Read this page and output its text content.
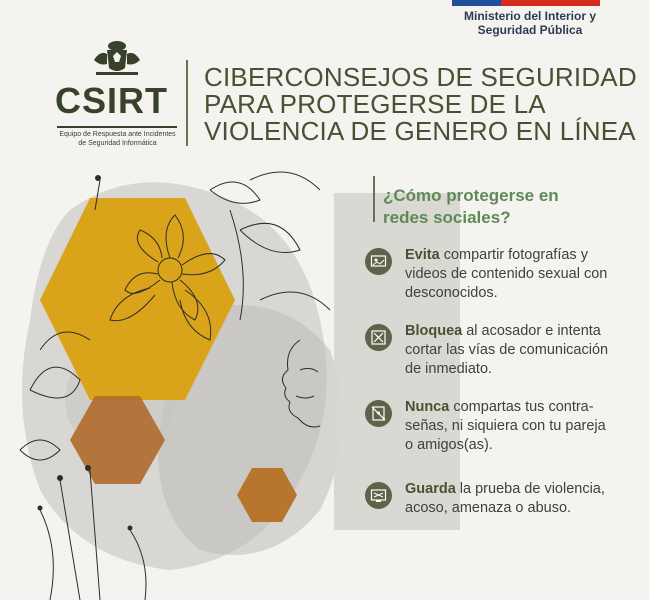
Ministerio del Interior y
Seguridad Pública
CSIRT
Equipo de Respuesta ante Incidentes
de Seguridad Informática
CIBERCONSEJOS DE SEGURIDAD
PARA PROTEGERSE DE LA
VIOLENCIA DE GENERO EN LÍNEA
¿Cómo protegerse en
redes sociales?
Evita compartir fotografías y
videos de contenido sexual con
desconocidos.
Bloquea al acosador e intenta
cortar las vías de comunicación
de inmediato.
Nunca compartas tus contra-
señas, ni siquiera con tu pareja
o amigos(as).
Guarda la prueba de violencia,
acoso, amenaza o abuso.
